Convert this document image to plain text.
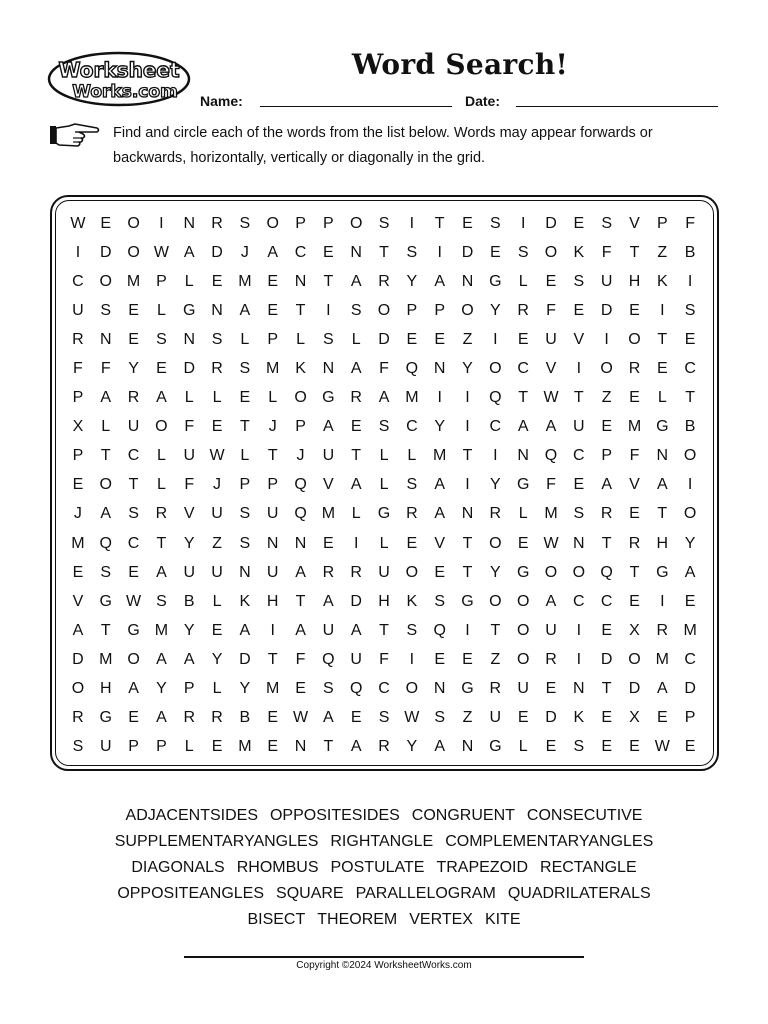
Worksheet
Works.com
Word Search!
Name:	Date:
Find and circle each of the words from the list below. Words may appear forwards or backwards, horizontally, vertically or diagonally in the grid.
W E	O	I	N	R	S	O	P	P	O	S	I	T	E	S	I	D	E	S	V	P	F
I	D O W A	D	J	A	C	E	N	T	S	I	D	E	S	O	K	F	T	Z	B
C O M P	L	E M E	N	T	A	R	Y	A	N G	L	E	S	U	H	K	I
U	S	E	L	G N	A	E	T	I	S	O	P	P	O	Y	R	F	E	D	E	I	S
R	N	E	S	N	S	L	P	L	S	L	D	E	E	Z	I	E	U	V	I	O	T	E
F	F	Y	E	D	R	S M K	N	A	F	Q N	Y	O C	V	I	O R	E	C
P	A	R	A	L	L	E	L	O G R	A M	I	I	Q	T W T	Z	E	L	T
X	L	U O	F	E	T	J	P	A	E	S	C	Y	I	C	A	A	U	E M G	B
P	T	C	L	U W L	T	J	U	T	L	L	M	T	I	N Q C	P	F	N O
E	O	T	L	F	J	P	P	Q	V	A	L	S	A	I	Y	G	F	E	A	V	A	I
J	A	S	R	V	U	S	U Q M	L	G R	A	N	R	L	M S	R	E	T	O
M Q C	T	Y	Z	S	N	N	E	I	L	E	V	T	O	E W N	T	R	H	Y
E	S	E	A	U	U	N	U	A	R	R	U O	E	T	Y	G O O Q	T	G	A
V	G W S	B	L	K	H	T	A	D	H	K	S	G O O	A	C	C	E	I	E
A	T	G M Y	E	A	I	A	U	A	T	S	Q	I	T	O U	I	E	X	R M
D M O	A	A	Y	D	T	F	Q U	F	I	E	E	Z	O R	I	D O M C
O H	A	Y	P	L	Y M E	S	Q C O N G R	U	E	N	T	D	A	D
R G	E	A	R	R	B	E W A	E	S W S	Z	U	E	D	K	E	X	E	P
S	U	P	P	L	E M E	N	T	A	R	Y	A	N G	L	E	S	E	E W E
ADJACENTSIDES OPPOSITESIDES CONGRUENT CONSECUTIVE
SUPPLEMENTARYANGLES RIGHTANGLE COMPLEMENTARYANGLES
DIAGONALS RHOMBUS POSTULATE TRAPEZOID RECTANGLE
OPPOSITEANGLES SQUARE PARALLELOGRAM QUADRILATERALS
BISECT THEOREM VERTEX KITE
Copyright ©2024 WorksheetWorks.com
